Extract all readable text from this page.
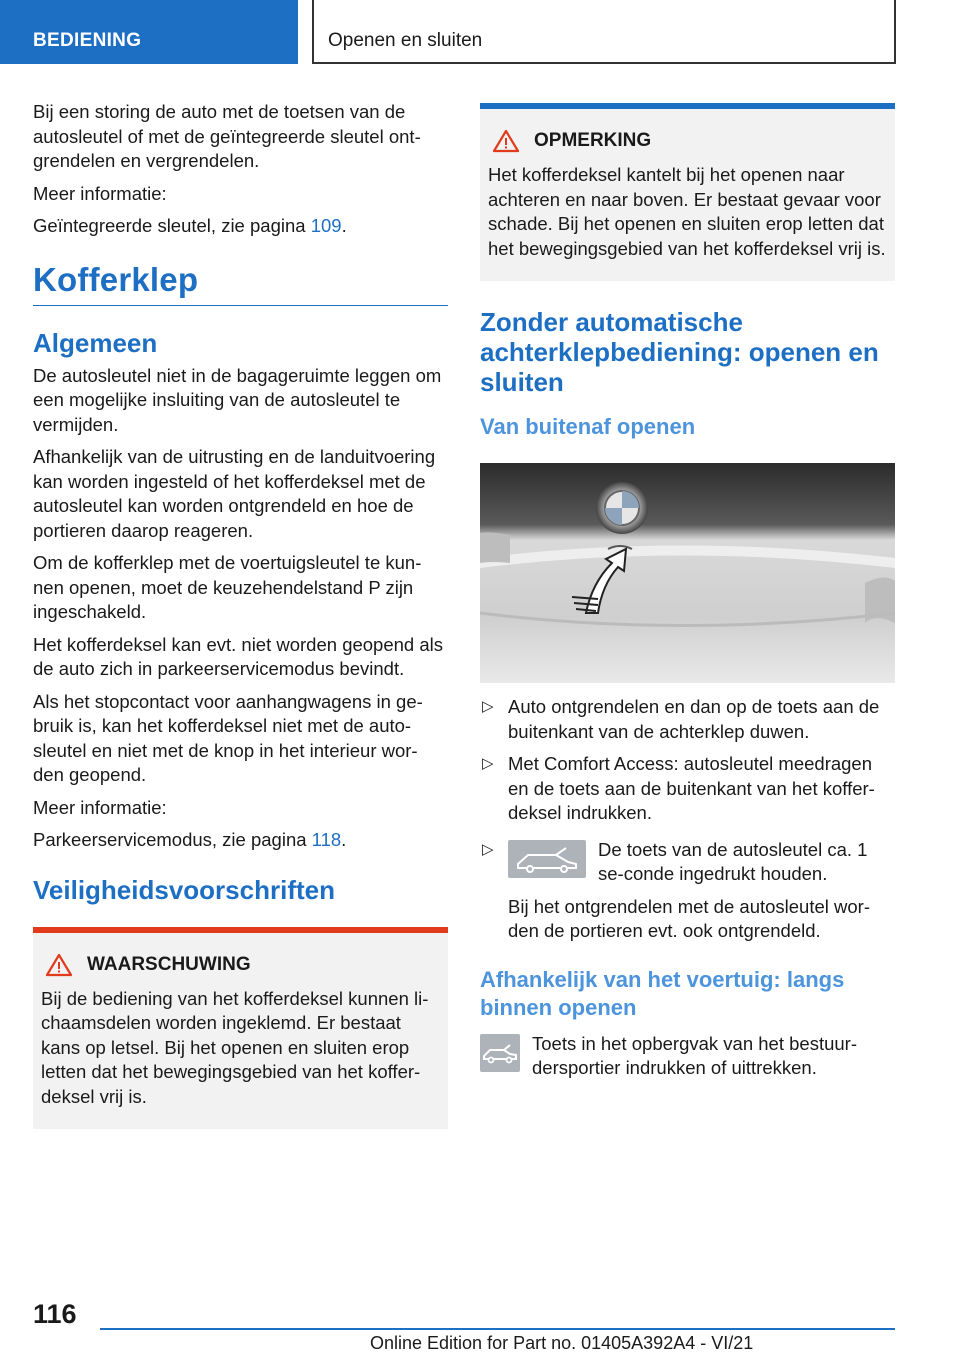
BEDIENING	Openen en sluiten

Bij een storing de auto met de toetsen van de autosleutel of met de geïntegreerde sleutel ont-grendelen en vergrendelen.

Meer informatie:

Geïntegreerde sleutel, zie pagina 109.

Kofferklep
Algemeen

De autosleutel niet in de bagageruimte leggen om een mogelijke insluiting van de autosleutel te vermijden.

Afhankelijk van de uitrusting en de landuitvoering kan worden ingesteld of het kofferdeksel met de autosleutel kan worden ontgrendeld en hoe de portieren daarop reageren.

Om de kofferklep met de voertuigsleutel te kun-nen openen, moet de keuzehendelstand P zijn ingeschakeld.

Het kofferdeksel kan evt. niet worden geopend als de auto zich in parkeerservicemodus bevindt.

Als het stopcontact voor aanhangwagens in ge-bruik is, kan het kofferdeksel niet met de auto-sleutel en niet met de knop in het interieur wor-den geopend.

Meer informatie:

Parkeerservicemodus, zie pagina 118.

Veiligheidsvoorschriften
WAARSCHUWING

Bij de bediening van het kofferdeksel kunnen li-chaamsdelen worden ingeklemd. Er bestaat kans op letsel. Bij het openen en sluiten erop letten dat het bewegingsgebied van het koffer-deksel vrij is.

OPMERKING

Het kofferdeksel kantelt bij het openen naar achteren en naar boven. Er bestaat gevaar voor schade. Bij het openen en sluiten erop letten dat het bewegingsgebied van het kofferdeksel vrij is.

Zonder automatische achterklepbediening: openen en sluiten
Van buitenaf openen
▷ Auto ontgrendelen en dan op de toets aan de buitenkant van de achterklep duwen.
▷ Met Comfort Access: autosleutel meedragen en de toets aan de buitenkant van het koffer-deksel indrukken.
▷	De toets van de autosleutel ca. 1 se-conde ingedrukt houden.

Bij het ontgrendelen met de autosleutel wor-den de portieren evt. ook ontgrendeld.

Afhankelijk van het voertuig: langs binnen openen
Toets in het opbergvak van het bestuur-dersportier indrukken of uittrekken.
116
Online Edition for Part no. 01405A392A4 - VI/21
